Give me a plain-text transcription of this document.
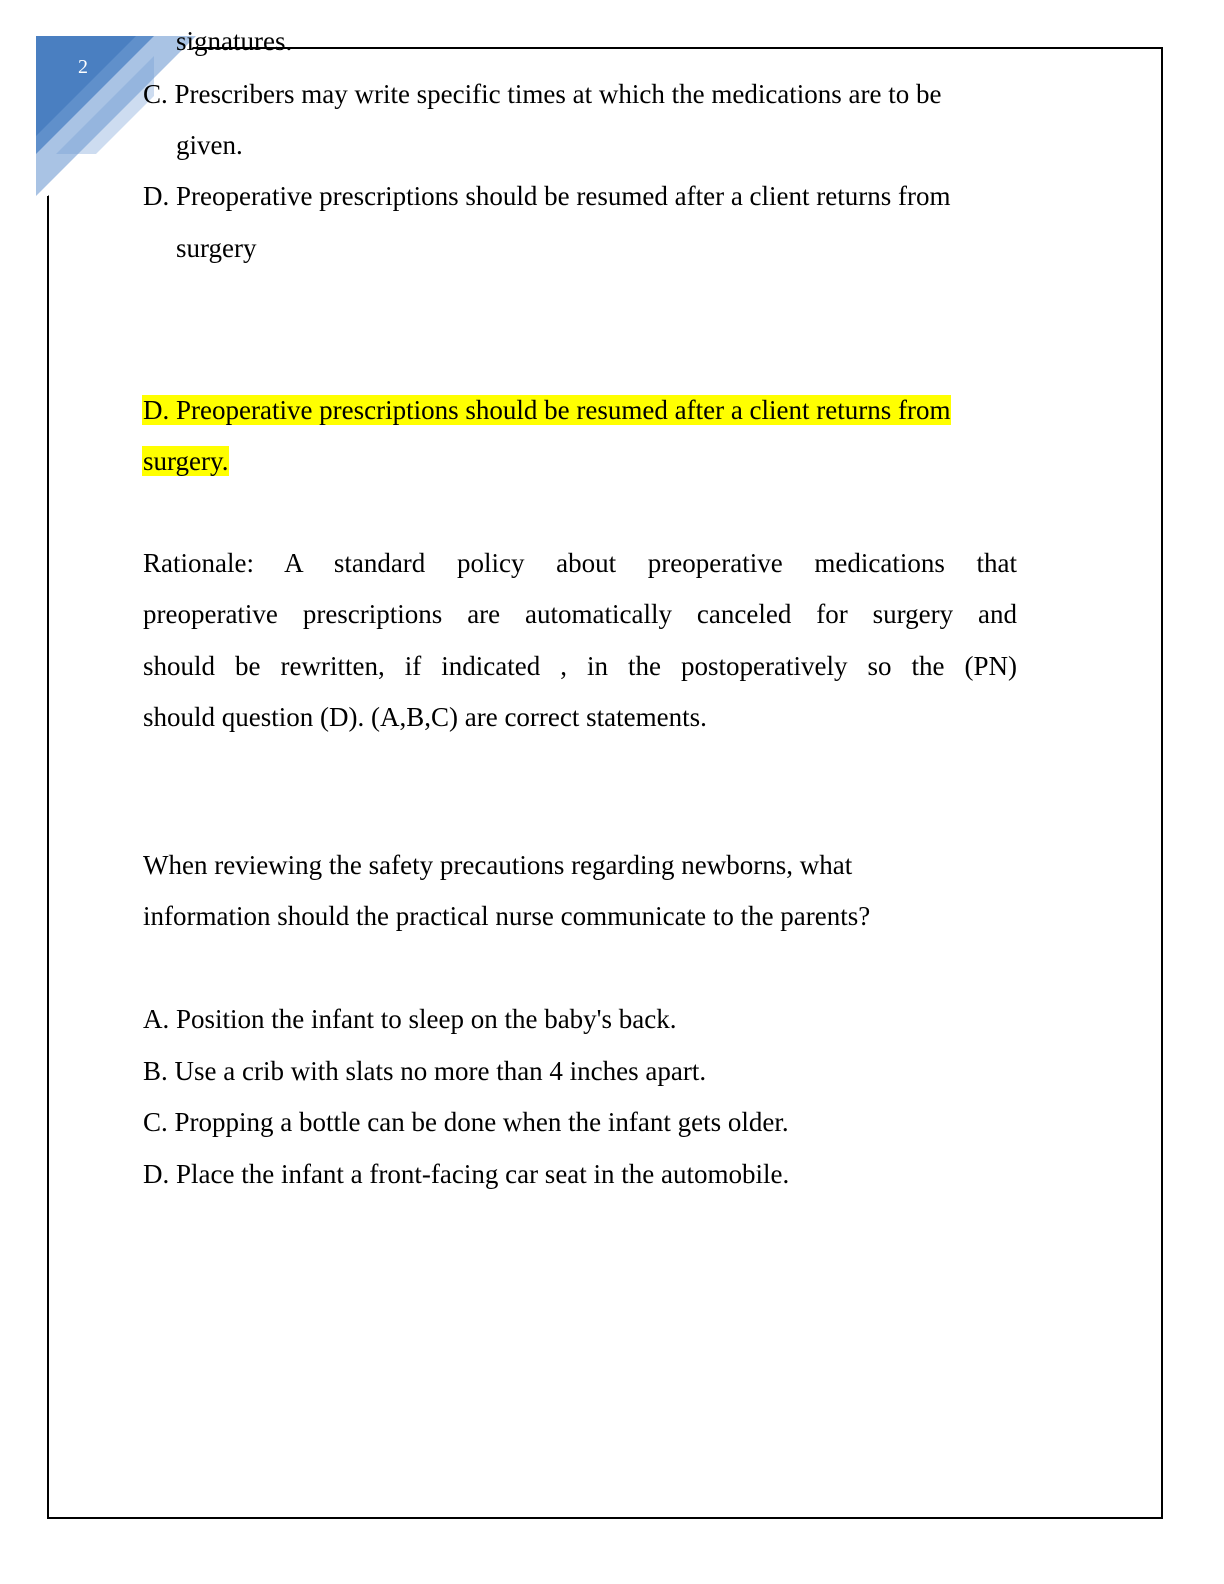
2
signatures.
C. Prescribers may write specific times at which the medications are to be
given.
D. Preoperative prescriptions should be resumed after a client returns from
surgery
D. Preoperative prescriptions should be resumed after a client returns from
surgery.
Rationale: A standard policy about preoperative medications that
preoperative prescriptions are automatically canceled for surgery and
should be rewritten, if indicated , in the postoperatively so the (PN)
should question (D). (A,B,C) are correct statements.
When reviewing the safety precautions regarding newborns, what
information should the practical nurse communicate to the parents?
A. Position the infant to sleep on the baby's back.
B. Use a crib with slats no more than 4 inches apart.
C. Propping a bottle can be done when the infant gets older.
D. Place the infant a front-facing car seat in the automobile.
